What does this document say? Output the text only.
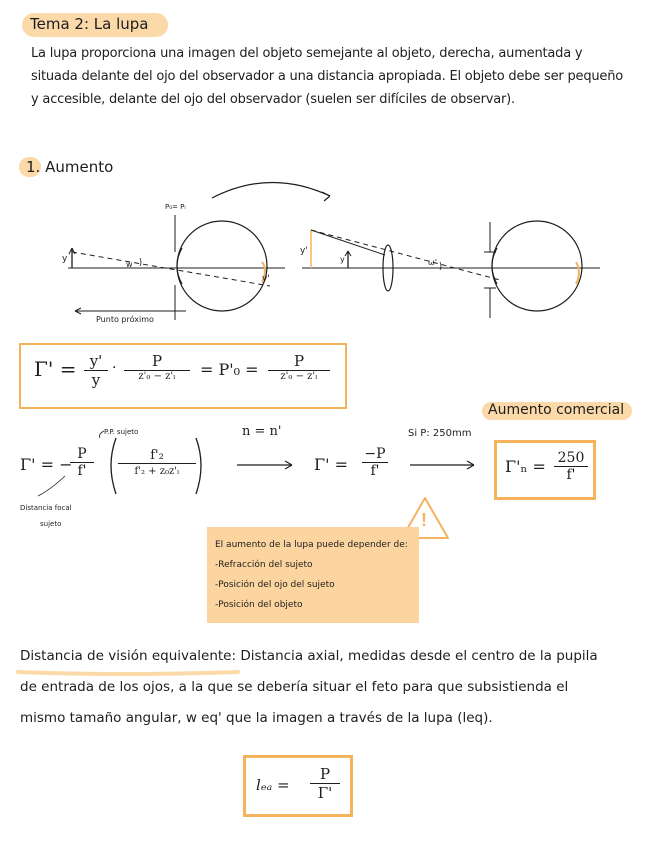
Tema 2: La lupa
La lupa proporciona una imagen del objeto semejante al objeto, derecha, aumentada y situada delante del ojo del observador a una distancia apropiada. El objeto debe ser pequeño y accesible, delante del ojo del observador (suelen ser difíciles de observar).
1. Aumento
P₀= Pₗ
y
w
y'
Punto próximo
y'
y	ω'
$\Gamma' = \frac{y'}{y}$ ·	P
z'₀ − z'ₗ	= P'₀ =	P
z'₀ − z'ₗ
Aumento comercial
P.P. sujeto
Γ' = −
$\frac{P}{f'}$	f'₂
f'₂ + z₀z'ₗ
Distancia focal
sujeto
n = n'
$\Gamma' = \frac{-P}{f'}$
Si P: 250mm
$\Gamma'_n = \frac{250}{f'}$
!
El aumento de la lupa puede depender de:
-Refracción del sujeto
-Posición del ojo del sujeto
-Posición del objeto
Distancia de visión equivalente: Distancia axial, medidas desde el centro de la pupila
de entrada de los ojos, a la que se debería situar el feto para que subsistienda el
mismo tamaño angular, w eq' que la imagen a través de la lupa (leq).
$l_{ea} = \frac{P}{\Gamma'}$
